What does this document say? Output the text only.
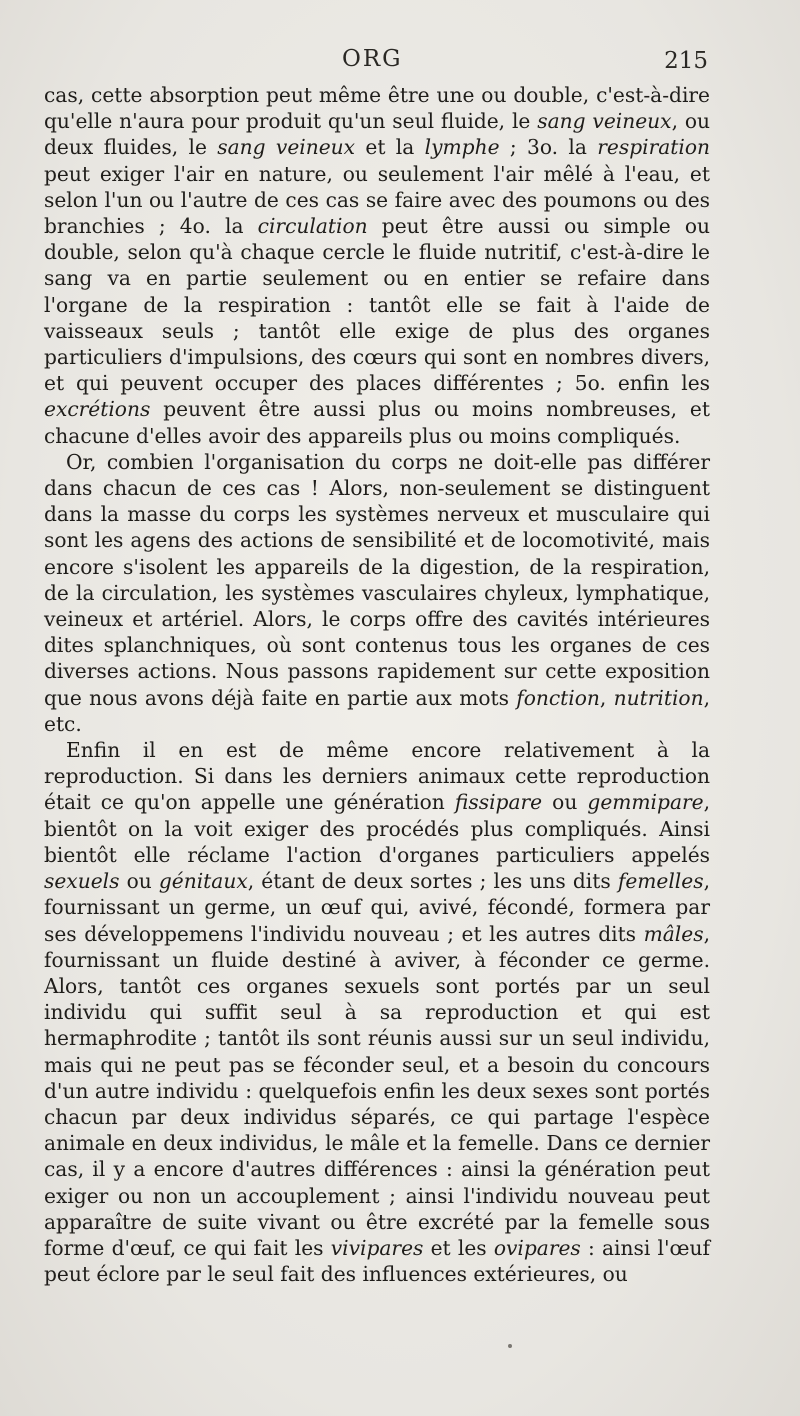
ORG	215

cas, cette absorption peut même être une ou double, c'est-à-dire qu'elle n'aura pour produit qu'un seul fluide, le sang veineux, ou deux fluides, le sang veineux et la lymphe ; 3o. la respiration peut exiger l'air en nature, ou seulement l'air mêlé à l'eau, et selon l'un ou l'autre de ces cas se faire avec des poumons ou des branchies ; 4o. la circulation peut être aussi ou simple ou double, selon qu'à chaque cercle le fluide nutritif, c'est-à-dire le sang va en partie seulement ou en entier se refaire dans l'organe de la respiration : tantôt elle se fait à l'aide de vaisseaux seuls ; tantôt elle exige de plus des organes particuliers d'impulsions, des cœurs qui sont en nombres divers, et qui peuvent occuper des places différentes ; 5o. enfin les excrétions peuvent être aussi plus ou moins nombreuses, et chacune d'elles avoir des appareils plus ou moins compliqués.

Or, combien l'organisation du corps ne doit-elle pas différer dans chacun de ces cas ! Alors, non-seulement se distinguent dans la masse du corps les systèmes nerveux et musculaire qui sont les agens des actions de sensibilité et de locomotivité, mais encore s'isolent les appareils de la digestion, de la respiration, de la circulation, les systèmes vasculaires chyleux, lymphatique, veineux et artériel. Alors, le corps offre des cavités intérieures dites splanchniques, où sont contenus tous les organes de ces diverses actions. Nous passons rapidement sur cette exposition que nous avons déjà faite en partie aux mots fonction, nutrition, etc.

Enfin il en est de même encore relativement à la reproduction. Si dans les derniers animaux cette reproduction était ce qu'on appelle une génération fissipare ou gemmipare, bientôt on la voit exiger des procédés plus compliqués. Ainsi bientôt elle réclame l'action d'organes particuliers appelés sexuels ou génitaux, étant de deux sortes ; les uns dits femelles, fournissant un germe, un œuf qui, avivé, fécondé, formera par ses développemens l'individu nouveau ; et les autres dits mâles, fournissant un fluide destiné à aviver, à féconder ce germe. Alors, tantôt ces organes sexuels sont portés par un seul individu qui suffit seul à sa reproduction et qui est hermaphrodite ; tantôt ils sont réunis aussi sur un seul individu, mais qui ne peut pas se féconder seul, et a besoin du concours d'un autre individu : quelquefois enfin les deux sexes sont portés chacun par deux individus séparés, ce qui partage l'espèce animale en deux individus, le mâle et la femelle. Dans ce dernier cas, il y a encore d'autres différences : ainsi la génération peut exiger ou non un accouplement ; ainsi l'individu nouveau peut apparaître de suite vivant ou être excrété par la femelle sous forme d'œuf, ce qui fait les vivipares et les ovipares : ainsi l'œuf peut éclore par le seul fait des influences extérieures, ou
